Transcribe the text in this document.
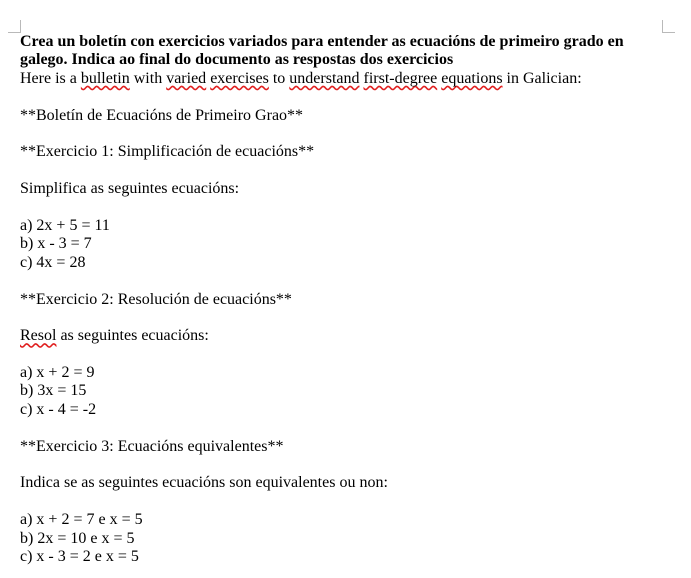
Crea un boletín con exercicios variados para entender as ecuacións de primeiro grado en galego. Indica ao final do documento as respostas dos exercicios
Here is a bulletin with varied exercises to understand first-degree equations in Galician:
**Boletín de Ecuacións de Primeiro Grao**
**Exercicio 1: Simplificación de ecuacións**
Simplifica as seguintes ecuacións:
a) 2x + 5 = 11
b) x - 3 = 7
c) 4x = 28
**Exercicio 2: Resolución de ecuacións**
Resol as seguintes ecuacións:
a) x + 2 = 9
b) 3x = 15
c) x - 4 = -2
**Exercicio 3: Ecuacións equivalentes**
Indica se as seguintes ecuacións son equivalentes ou non:
a) x + 2 = 7 e x = 5
b) 2x = 10 e x = 5
c) x - 3 = 2 e x = 5
